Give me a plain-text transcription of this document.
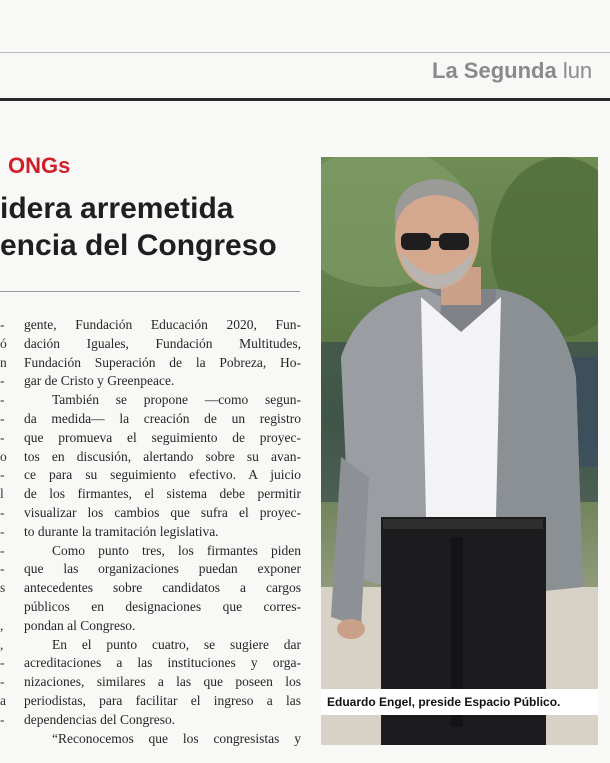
La Segunda lun
ONGs
idera arremetida
encia del Congreso
-
ó
n
-
-
-
-
o
-
l
-
-
-
-
s
,
,
-
-
a
-
gente, Fundación Educación 2020, Fun-
dación Iguales, Fundación Multitudes,
Fundación Superación de la Pobreza, Ho-
gar de Cristo y Greenpeace.
También se propone —como segun-
da medida— la creación de un registro
que promueva el seguimiento de proyec-
tos en discusión, alertando sobre su avan-
ce para su seguimiento efectivo. A juicio
de los firmantes, el sistema debe permitir
visualizar los cambios que sufra el proyec-
to durante la tramitación legislativa.
Como punto tres, los firmantes piden
que las organizaciones puedan exponer
antecedentes sobre candidatos a cargos
públicos en designaciones que corres-
pondan al Congreso.
En el punto cuatro, se sugiere dar
acreditaciones a las instituciones y orga-
nizaciones, similares a las que poseen los
periodistas, para facilitar el ingreso a las
dependencias del Congreso.
“Reconocemos que los congresistas y
Eduardo Engel, preside Espacio Público.
